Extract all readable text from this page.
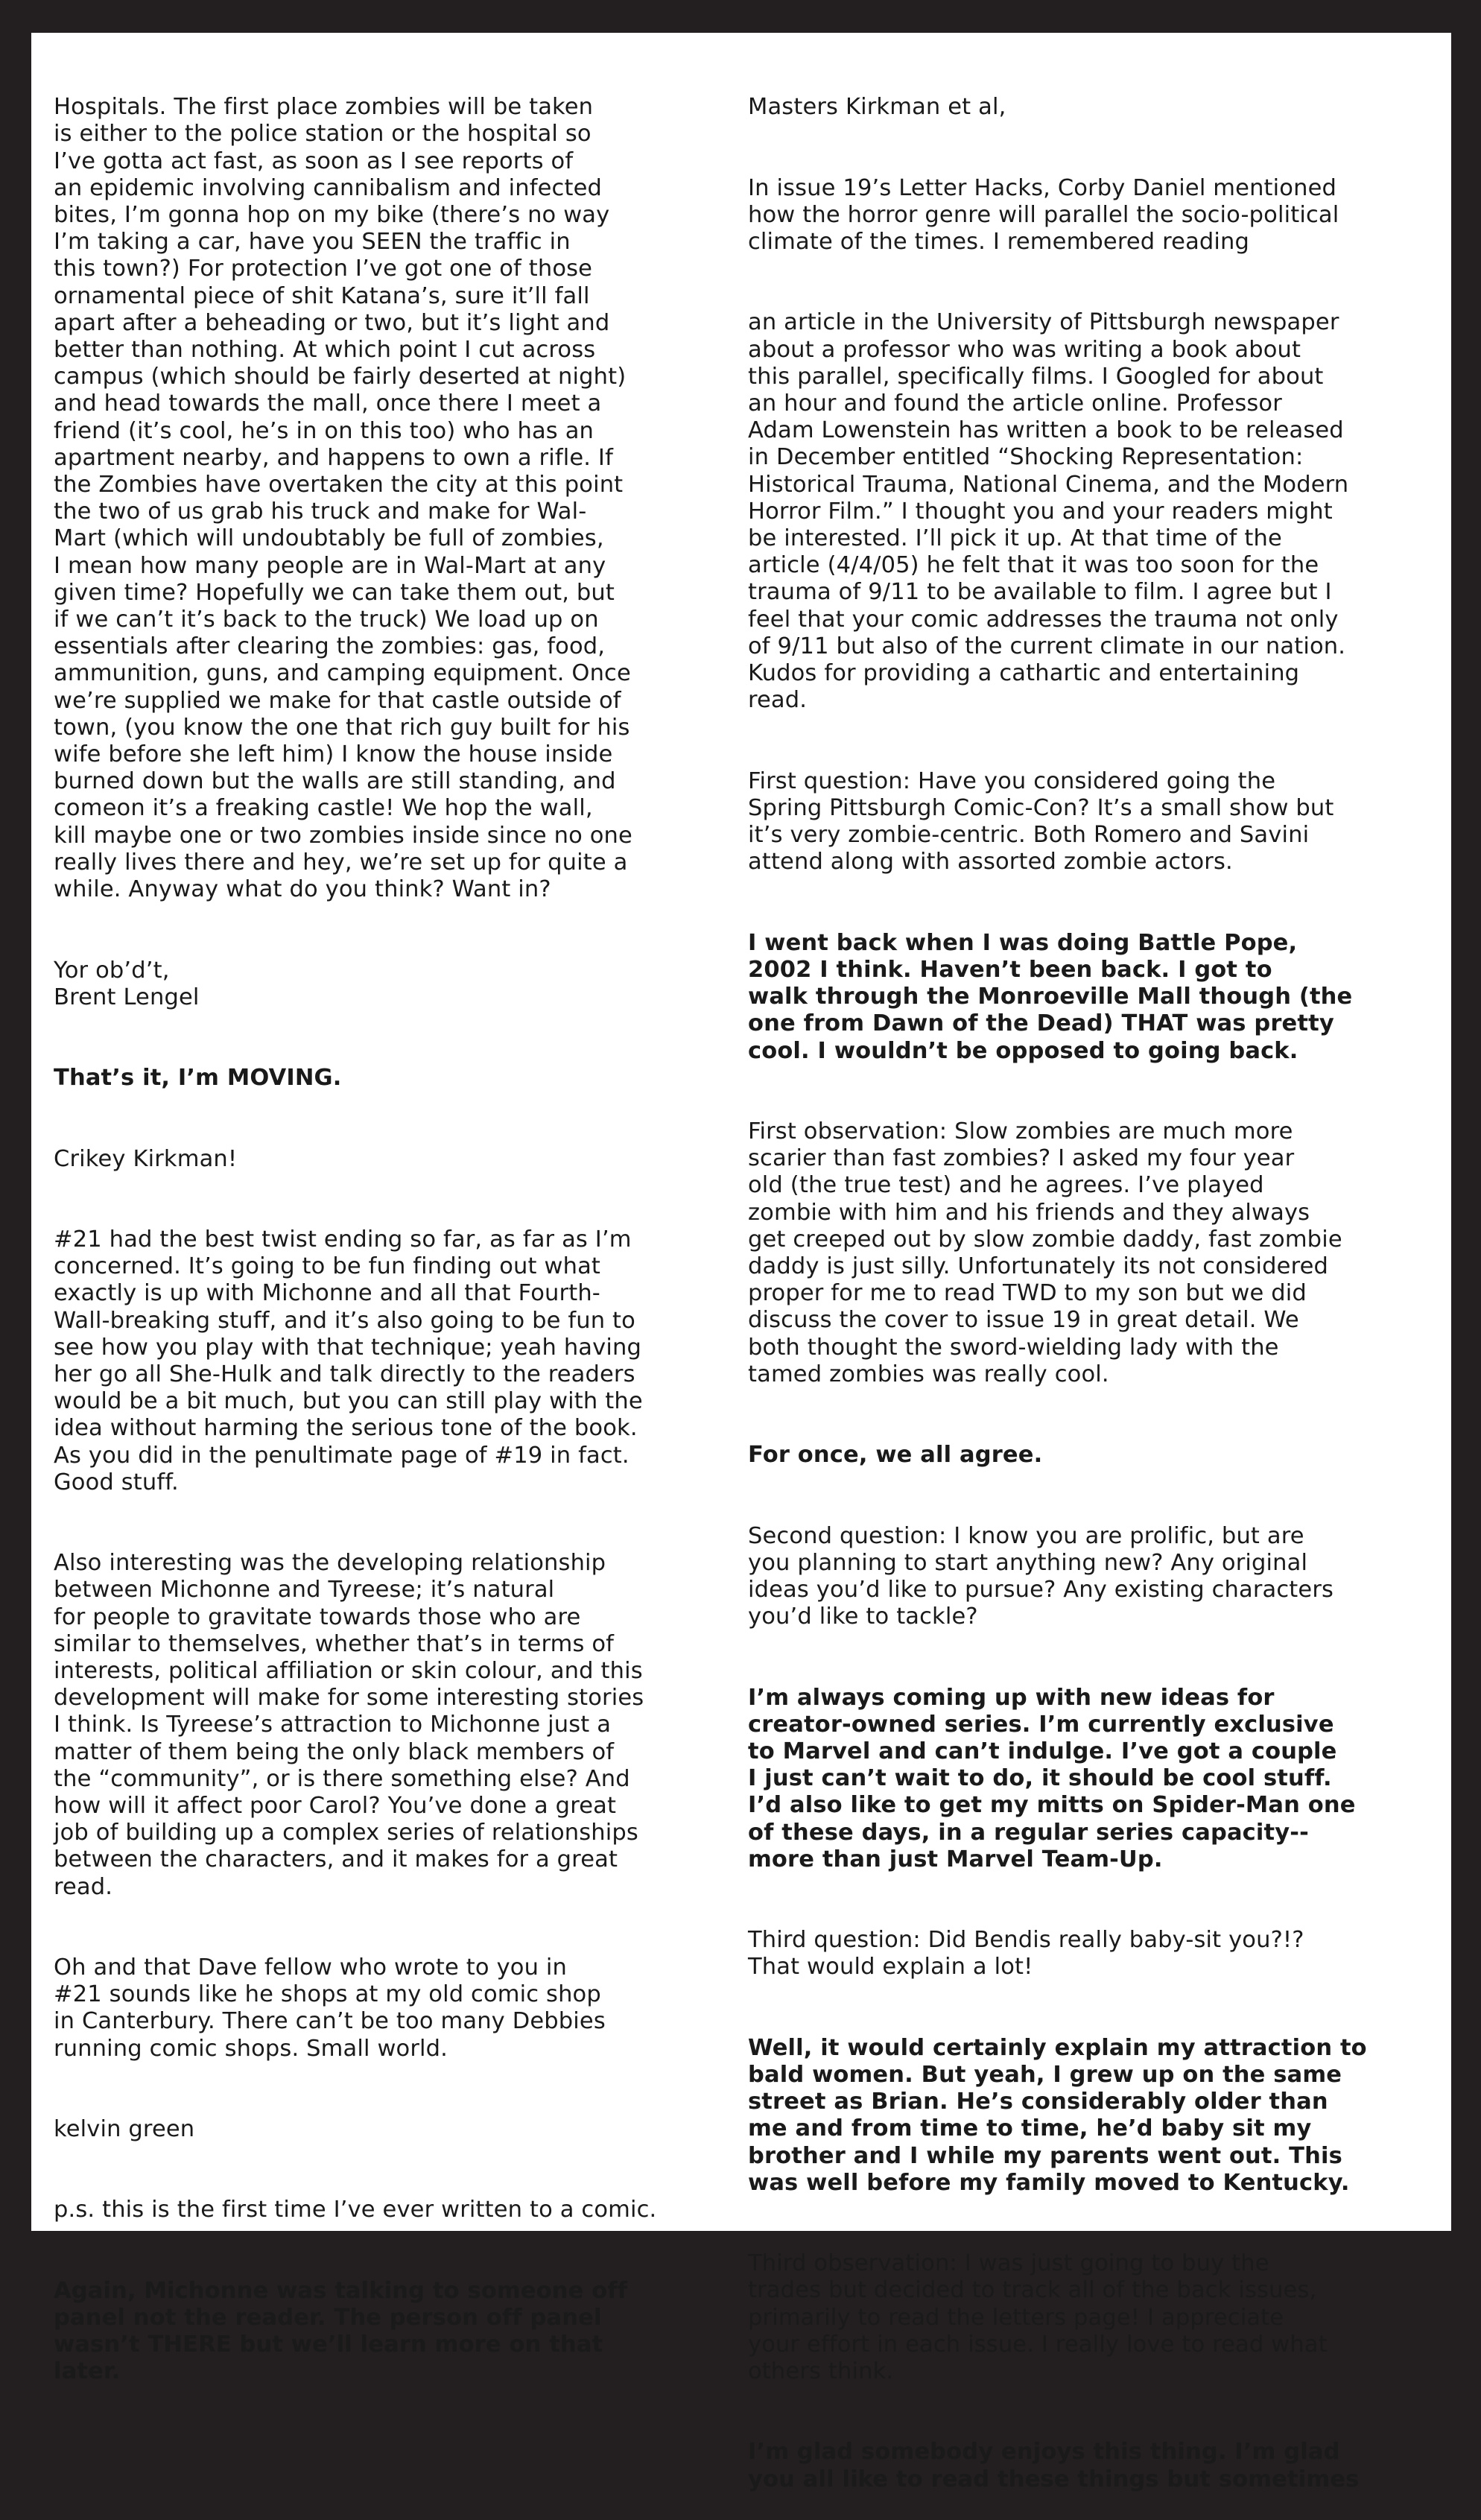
Hospitals. The first place zombies will be taken
is either to the police station or the hospital so
I’ve gotta act fast, as soon as I see reports of
an epidemic involving cannibalism and infected
bites, I’m gonna hop on my bike (there’s no way
I’m taking a car, have you SEEN the traffic in
this town?) For protection I’ve got one of those
ornamental piece of shit Katana’s, sure it’ll fall
apart after a beheading or two, but it’s light and
better than nothing. At which point I cut across
campus (which should be fairly deserted at night)
and head towards the mall, once there I meet a
friend (it’s cool, he’s in on this too) who has an
apartment nearby, and happens to own a rifle. If
the Zombies have overtaken the city at this point
the two of us grab his truck and make for Wal-
Mart (which will undoubtably be full of zombies,
I mean how many people are in Wal-Mart at any
given time? Hopefully we can take them out, but
if we can’t it’s back to the truck) We load up on
essentials after clearing the zombies: gas, food,
ammunition, guns, and camping equipment. Once
we’re supplied we make for that castle outside of
town, (you know the one that rich guy built for his
wife before she left him) I know the house inside
burned down but the walls are still standing, and
comeon it’s a freaking castle! We hop the wall,
kill maybe one or two zombies inside since no one
really lives there and hey, we’re set up for quite a
while. Anyway what do you think? Want in?

Yor ob’d’t,
Brent Lengel

That’s it, I’m MOVING.

Crikey Kirkman!

#21 had the best twist ending so far, as far as I’m
concerned. It’s going to be fun finding out what
exactly is up with Michonne and all that Fourth-
Wall-breaking stuff, and it’s also going to be fun to
see how you play with that technique; yeah having
her go all She-Hulk and talk directly to the readers
would be a bit much, but you can still play with the
idea without harming the serious tone of the book.
As you did in the penultimate page of #19 in fact.
Good stuff.

Also interesting was the developing relationship
between Michonne and Tyreese; it’s natural
for people to gravitate towards those who are
similar to themselves, whether that’s in terms of
interests, political affiliation or skin colour, and this
development will make for some interesting stories
I think. Is Tyreese’s attraction to Michonne just a
matter of them being the only black members of
the “community”, or is there something else? And
how will it affect poor Carol? You’ve done a great
job of building up a complex series of relationships
between the characters, and it makes for a great
read.

Oh and that Dave fellow who wrote to you in
#21 sounds like he shops at my old comic shop
in Canterbury. There can’t be too many Debbies
running comic shops. Small world.

kelvin green

p.s. this is the first time I’ve ever written to a comic.

Again, Michonne was talking to someone off
panel not the reader. The person off panel
wasn’t THERE but we’ll learn more on that
later.

Masters Kirkman et al,

In issue 19’s Letter Hacks, Corby Daniel mentioned
how the horror genre will parallel the socio-political
climate of the times. I remembered reading

an article in the University of Pittsburgh newspaper
about a professor who was writing a book about
this parallel, specifically films. I Googled for about
an hour and found the article online. Professor
Adam Lowenstein has written a book to be released
in December entitled “Shocking Representation:
Historical Trauma, National Cinema, and the Modern
Horror Film.” I thought you and your readers might
be interested. I’ll pick it up. At that time of the
article (4/4/05) he felt that it was too soon for the
trauma of 9/11 to be available to film. I agree but I
feel that your comic addresses the trauma not only
of 9/11 but also of the current climate in our nation.
Kudos for providing a cathartic and entertaining
read.

First question: Have you considered going the
Spring Pittsburgh Comic-Con? It’s a small show but
it’s very zombie-centric. Both Romero and Savini
attend along with assorted zombie actors.

I went back when I was doing Battle Pope,
2002 I think. Haven’t been back. I got to
walk through the Monroeville Mall though (the
one from Dawn of the Dead) THAT was pretty
cool. I wouldn’t be opposed to going back.

First observation: Slow zombies are much more
scarier than fast zombies? I asked my four year
old (the true test) and he agrees. I’ve played
zombie with him and his friends and they always
get creeped out by slow zombie daddy, fast zombie
daddy is just silly. Unfortunately its not considered
proper for me to read TWD to my son but we did
discuss the cover to issue 19 in great detail. We
both thought the sword-wielding lady with the
tamed zombies was really cool.

For once, we all agree.

Second question: I know you are prolific, but are
you planning to start anything new? Any original
ideas you’d like to pursue? Any existing characters
you’d like to tackle?

I’m always coming up with new ideas for
creator-owned series. I’m currently exclusive
to Marvel and can’t indulge. I’ve got a couple
I just can’t wait to do, it should be cool stuff.
I’d also like to get my mitts on Spider-Man one
of these days, in a regular series capacity--
more than just Marvel Team-Up.

Third question: Did Bendis really baby-sit you?!?
That would explain a lot!

Well, it would certainly explain my attraction to
bald women. But yeah, I grew up on the same
street as Brian. He’s considerably older than
me and from time to time, he’d baby sit my
brother and I while my parents went out. This
was well before my family moved to Kentucky.

Third observation: I was just going to buy the
trades but decided to track all of the back issues,
primarily to read the letters page! I appreciate
your effort in each issue. I really love to read what
others think.

I’m glad somebody enjoys this thing. I’m glad
you all like to read these things but sometimes
